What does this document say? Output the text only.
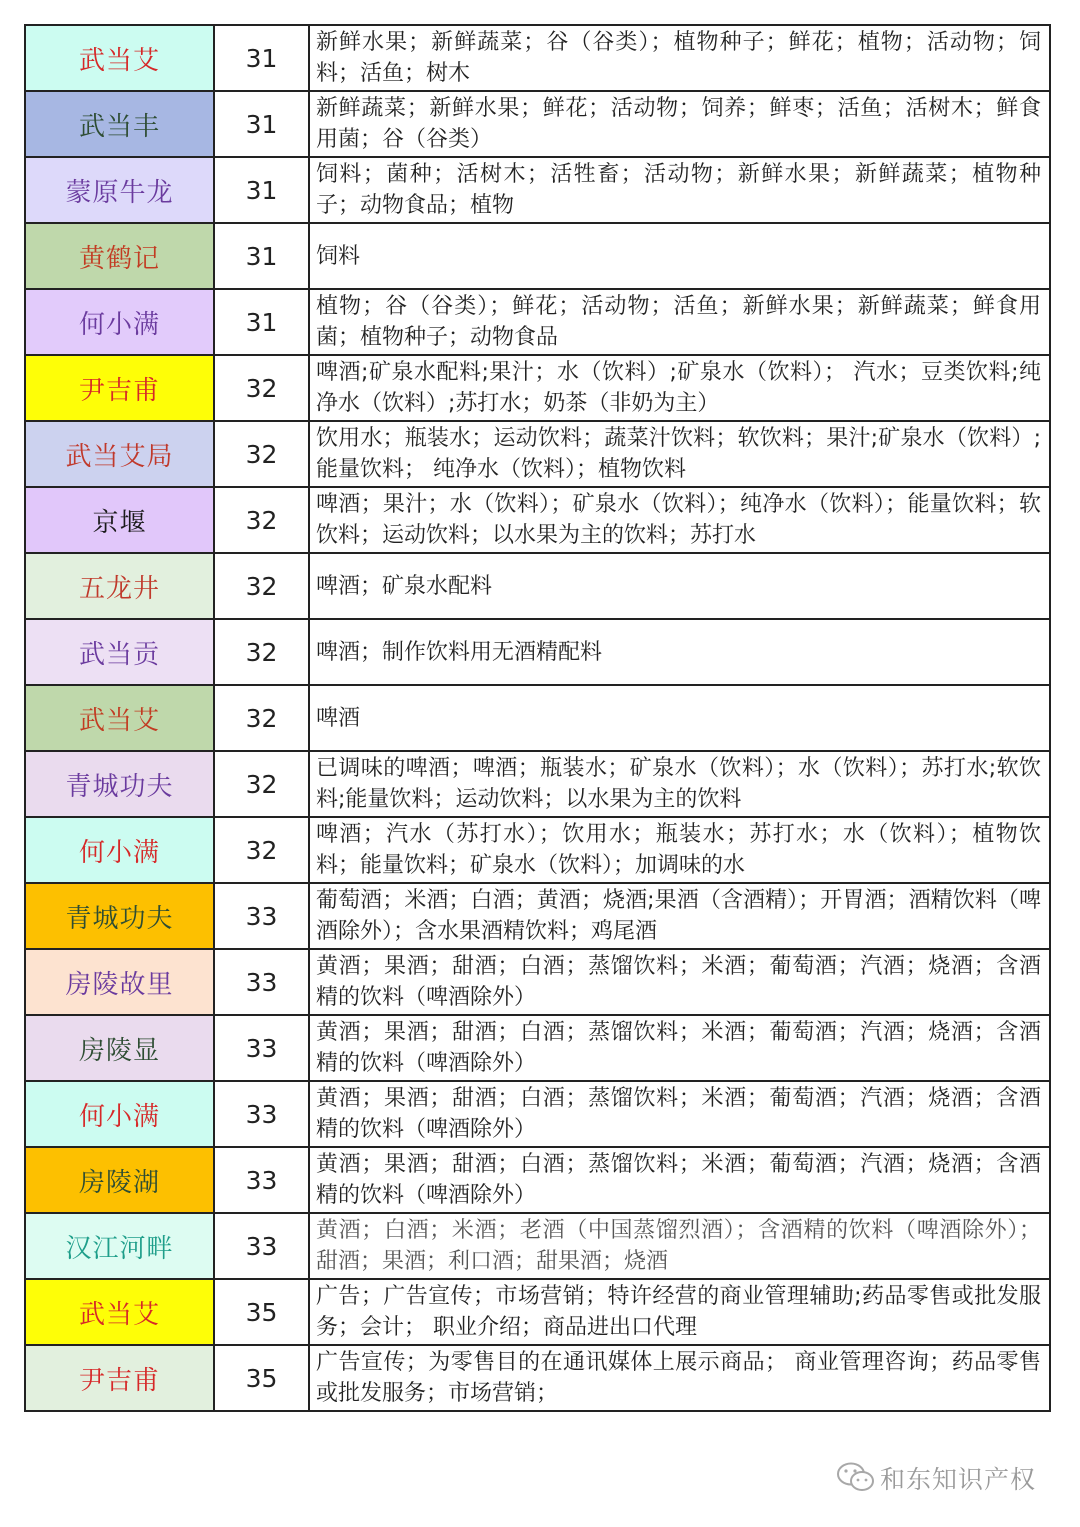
武当艾	31	新鲜水果；新鲜蔬菜；谷（谷类）；植物种子；鲜花；植物；活动物；饲料；活鱼；树木
武当丰	31	新鲜蔬菜；新鲜水果；鲜花；活动物；饲养；鲜枣；活鱼；活树木；鲜食用菌；谷（谷类）
蒙原牛龙	31	饲料；菌种；活树木；活牲畜；活动物；新鲜水果；新鲜蔬菜；植物种子；动物食品；植物
黄鹤记	31	饲料
何小满	31	植物；谷（谷类）；鲜花；活动物；活鱼；新鲜水果；新鲜蔬菜；鲜食用菌；植物种子；动物食品
尹吉甫	32	啤酒;矿泉水配料;果汁；水（饮料）;矿泉水（饮料）； 汽水；豆类饮料;纯净水（饮料）;苏打水；奶茶（非奶为主）
武当艾局	32	饮用水；瓶装水；运动饮料；蔬菜汁饮料；软饮料；果汁;矿泉水（饮料）;能量饮料； 纯净水（饮料）；植物饮料
京堰	32	啤酒；果汁；水（饮料）；矿泉水（饮料）；纯净水（饮料）；能量饮料；软饮料；运动饮料；以水果为主的饮料；苏打水
五龙井	32	啤酒；矿泉水配料
武当贡	32	啤酒；制作饮料用无酒精配料
武当艾	32	啤酒
青城功夫	32	已调味的啤酒；啤酒；瓶装水；矿泉水（饮料）；水（饮料）；苏打水;软饮料;能量饮料；运动饮料；以水果为主的饮料
何小满	32	啤酒；汽水（苏打水）；饮用水；瓶装水；苏打水；水（饮料）；植物饮料；能量饮料；矿泉水（饮料）；加调味的水
青城功夫	33	葡萄酒；米酒；白酒；黄酒；烧酒;果酒（含酒精）；开胃酒；酒精饮料（啤酒除外）；含水果酒精饮料；鸡尾酒
房陵故里	33	黄酒；果酒；甜酒；白酒；蒸馏饮料；米酒；葡萄酒；汽酒；烧酒；含酒精的饮料（啤酒除外）
房陵显	33	黄酒；果酒；甜酒；白酒；蒸馏饮料；米酒；葡萄酒；汽酒；烧酒；含酒精的饮料（啤酒除外）
何小满	33	黄酒；果酒；甜酒；白酒；蒸馏饮料；米酒；葡萄酒；汽酒；烧酒；含酒精的饮料（啤酒除外）
房陵湖	33	黄酒；果酒；甜酒；白酒；蒸馏饮料；米酒；葡萄酒；汽酒；烧酒；含酒精的饮料（啤酒除外）
汉江河畔	33	黄酒；白酒；米酒；老酒（中国蒸馏烈酒）；含酒精的饮料（啤酒除外）；甜酒；果酒；利口酒；甜果酒；烧酒
武当艾	35	广告；广告宣传；市场营销；特许经营的商业管理辅助;药品零售或批发服务；会计； 职业介绍；商品进出口代理
尹吉甫	35	广告宣传；为零售目的在通讯媒体上展示商品； 商业管理咨询；药品零售或批发服务；市场营销；
和东知识产权
